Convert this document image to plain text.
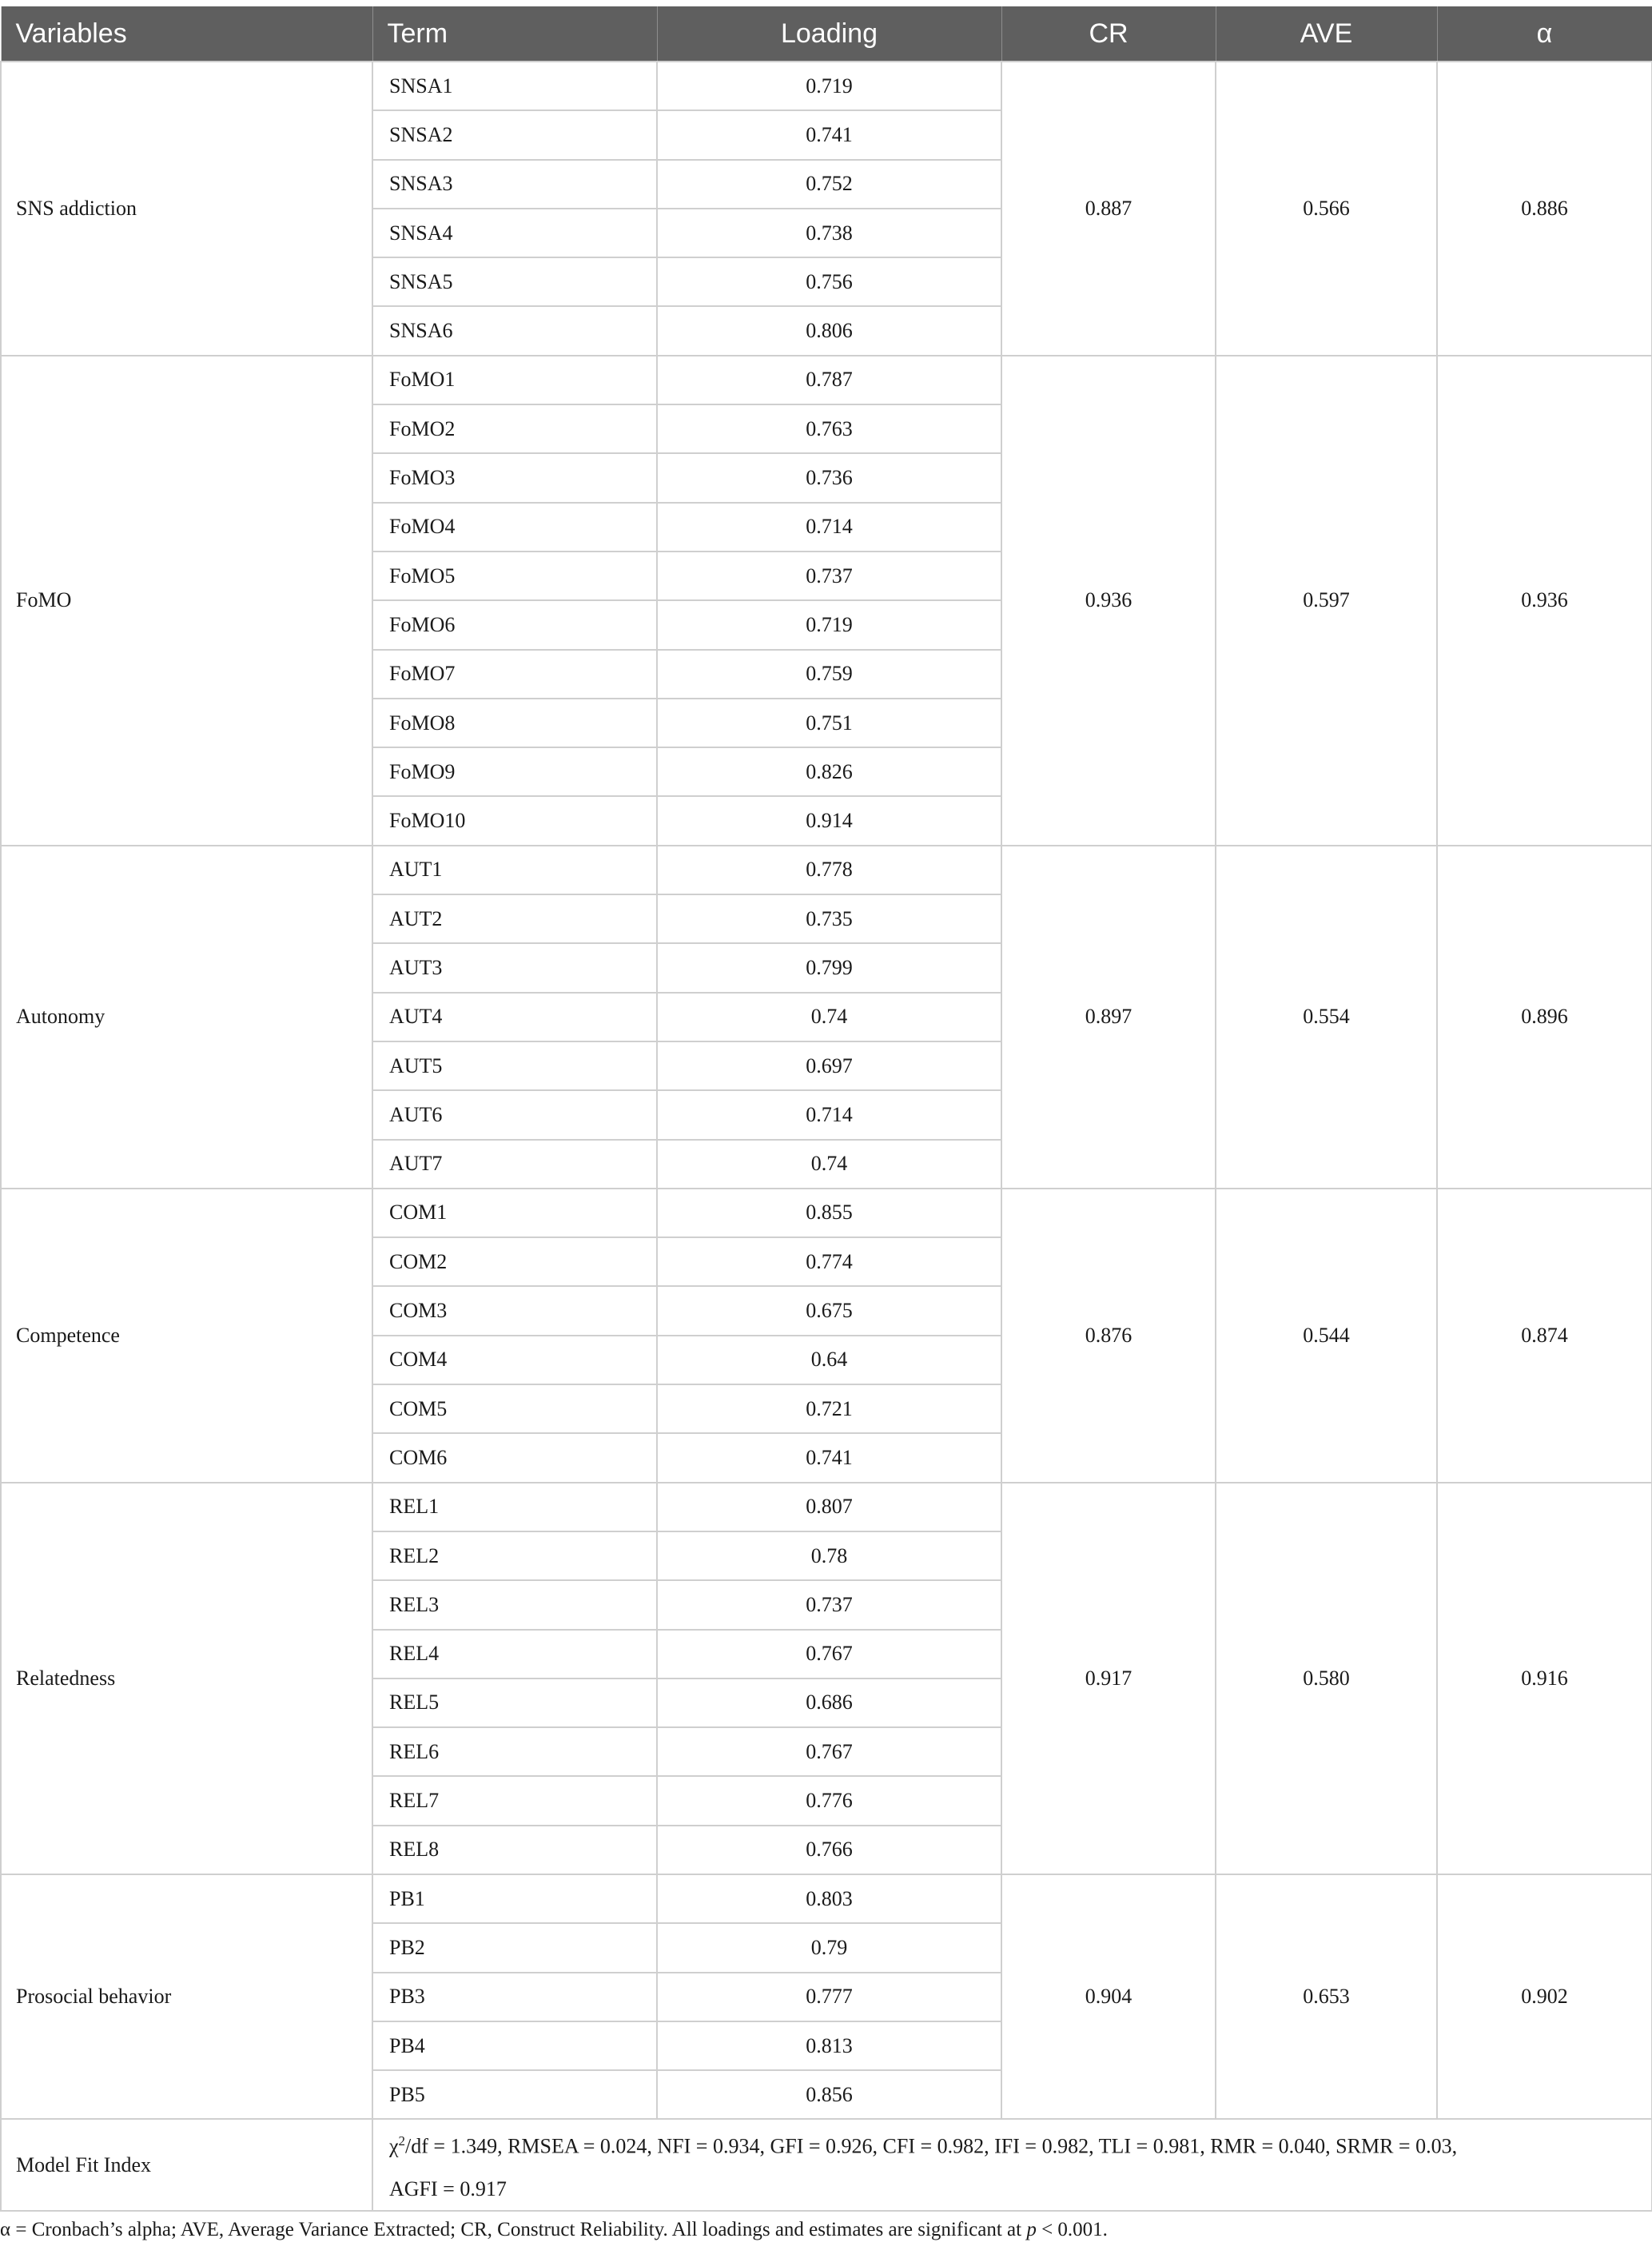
Variables	Term	Loading	CR	AVE	α
SNS addiction	SNSA1	0.719	0.887	0.566	0.886
	SNSA2	0.741			
	SNSA3	0.752			
	SNSA4	0.738			
	SNSA5	0.756			
	SNSA6	0.806			
FoMO	FoMO1	0.787	0.936	0.597	0.936
	FoMO2	0.763			
	FoMO3	0.736			
	FoMO4	0.714			
	FoMO5	0.737			
	FoMO6	0.719			
	FoMO7	0.759			
	FoMO8	0.751			
	FoMO9	0.826			
	FoMO10	0.914			
Autonomy	AUT1	0.778	0.897	0.554	0.896
	AUT2	0.735			
	AUT3	0.799			
	AUT4	0.74			
	AUT5	0.697			
	AUT6	0.714			
	AUT7	0.74			
Competence	COM1	0.855	0.876	0.544	0.874
	COM2	0.774			
	COM3	0.675			
	COM4	0.64			
	COM5	0.721			
	COM6	0.741			
Relatedness	REL1	0.807	0.917	0.580	0.916
	REL2	0.78			
	REL3	0.737			
	REL4	0.767			
	REL5	0.686			
	REL6	0.767			
	REL7	0.776			
	REL8	0.766			
Prosocial behavior	PB1	0.803	0.904	0.653	0.902
	PB2	0.79			
	PB3	0.777			
	PB4	0.813			
	PB5	0.856			
Model Fit Index	$\chi^2/df = 1.349$, RMSEA = 0.024, NFI = 0.934, GFI = 0.926, CFI = 0.982, IFI = 0.982, TLI = 0.981, RMR = 0.040, SRMR = 0.03,
AGFI = 0.917				
α = Cronbach’s alpha; AVE, Average Variance Extracted; CR, Construct Reliability. All loadings and estimates are significant at p < 0.001.
